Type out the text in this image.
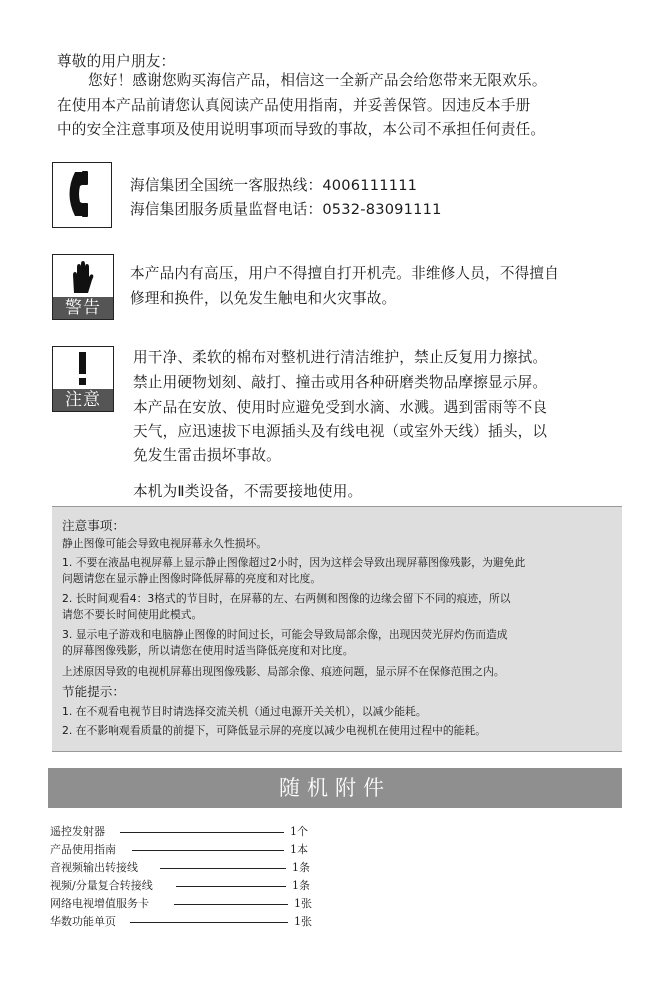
尊敬的用户朋友：
您好！感谢您购买海信产品，相信这一全新产品会给您带来无限欢乐。
在使用本产品前请您认真阅读产品使用指南，并妥善保管。因违反本手册
中的安全注意事项及使用说明事项而导致的事故，本公司不承担任何责任。
海信集团全国统一客服热线：4006111111
海信集团服务质量监督电话：0532-83091111
警告
本产品内有高压，用户不得擅自打开机壳。非维修人员，不得擅自
修理和换件，以免发生触电和火灾事故。
注意
用干净、柔软的棉布对整机进行清洁维护，禁止反复用力擦拭。
禁止用硬物划刻、敲打、撞击或用各种研磨类物品摩擦显示屏。
本产品在安放、使用时应避免受到水滴、水溅。遇到雷雨等不良
天气，应迅速拔下电源插头及有线电视（或室外天线）插头，以
免发生雷击损坏事故。
本机为Ⅱ类设备，不需要接地使用。
注意事项：
静止图像可能会导致电视屏幕永久性损坏。
1. 不要在液晶电视屏幕上显示静止图像超过2小时，因为这样会导致出现屏幕图像残影，为避免此
问题请您在显示静止图像时降低屏幕的亮度和对比度。
2. 长时间观看4：3格式的节目时，在屏幕的左、右两侧和图像的边缘会留下不同的痕迹，所以
请您不要长时间使用此模式。
3. 显示电子游戏和电脑静止图像的时间过长，可能会导致局部余像，出现因荧光屏灼伤而造成
的屏幕图像残影，所以请您在使用时适当降低亮度和对比度。
上述原因导致的电视机屏幕出现图像残影、局部余像、痕迹问题，显示屏不在保修范围之内。
节能提示：
1. 在不观看电视节目时请选择交流关机（通过电源开关关机），以减少能耗。
2. 在不影响观看质量的前提下，可降低显示屏的亮度以减少电视机在使用过程中的能耗。
随机附件
遥控发射器	1个
产品使用指南	1本
音视频输出转接线	1条
视频/分量复合转接线	1条
网络电视增值服务卡	1张
华数功能单页	1张
